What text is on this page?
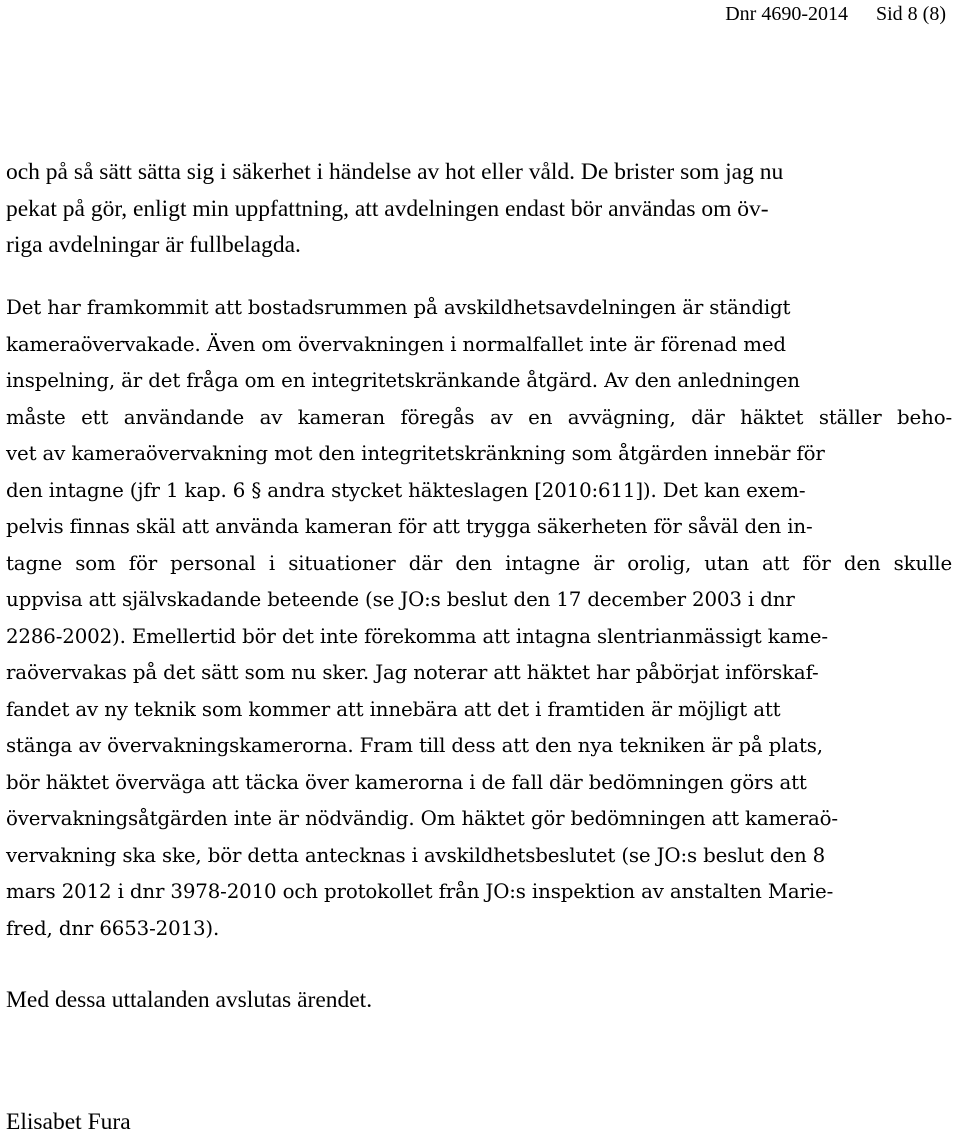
Dnr 4690-2014 Sid 8 (8)
och på så sätt sätta sig i säkerhet i händelse av hot eller våld. De brister som jag nu
pekat på gör, enligt min uppfattning, att avdelningen endast bör användas om öv-
riga avdelningar är fullbelagda.
Det har framkommit att bostadsrummen på avskildhetsavdelningen är ständigt
kameraövervakade. Även om övervakningen i normalfallet inte är förenad med
inspelning, är det fråga om en integritetskränkande åtgärd. Av den anledningen
måste ett användande av kameran föregås av en avvägning, där häktet ställer beho-
vet av kameraövervakning mot den integritetskränkning som åtgärden innebär för
den intagne (jfr 1 kap. 6 § andra stycket häkteslagen [2010:611]). Det kan exem-
pelvis finnas skäl att använda kameran för att trygga säkerheten för såväl den in-
tagne som för personal i situationer där den intagne är orolig, utan att för den skulle
uppvisa att självskadande beteende (se JO:s beslut den 17 december 2003 i dnr
2286-2002). Emellertid bör det inte förekomma att intagna slentrianmässigt kame-
raövervakas på det sätt som nu sker. Jag noterar att häktet har påbörjat införskaf-
fandet av ny teknik som kommer att innebära att det i framtiden är möjligt att
stänga av övervakningskamerorna. Fram till dess att den nya tekniken är på plats,
bör häktet överväga att täcka över kamerorna i de fall där bedömningen görs att
övervakningsåtgärden inte är nödvändig. Om häktet gör bedömningen att kameraö-
vervakning ska ske, bör detta antecknas i avskildhetsbeslutet (se JO:s beslut den 8
mars 2012 i dnr 3978-2010 och protokollet från JO:s inspektion av anstalten Marie-
fred, dnr 6653-2013).
Med dessa uttalanden avslutas ärendet.
Elisabet Fura
